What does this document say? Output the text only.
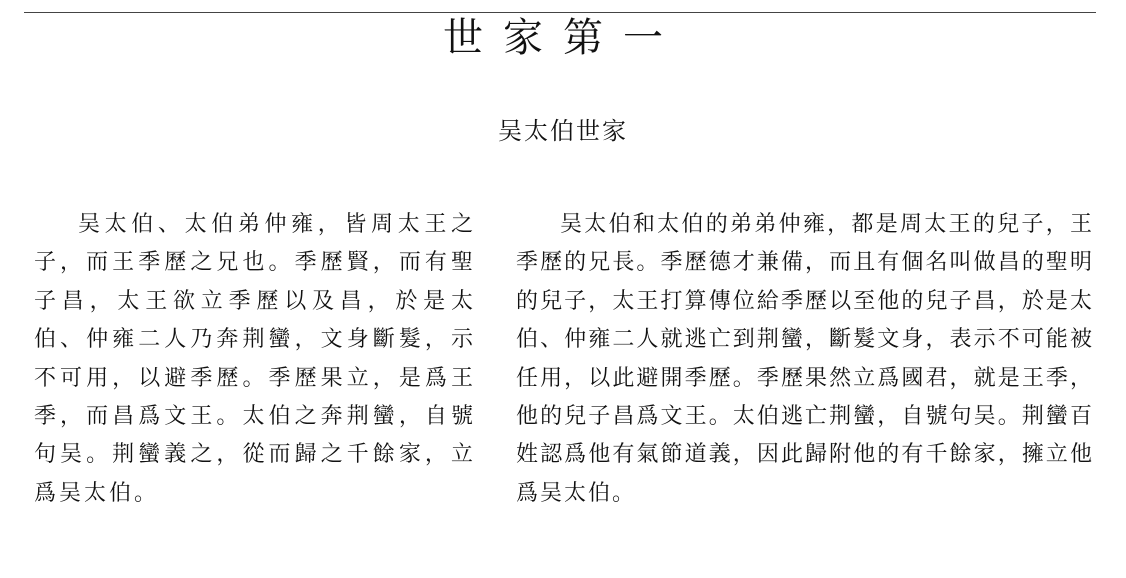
世家第一
吴太伯世家

吴太伯、太伯弟仲雍，皆周太王之子，而王季歷之兄也。季歷賢，而有聖子昌，太王欲立季歷以及昌，於是太伯、仲雍二人乃奔荆蠻，文身斷髮，示不可用，以避季歷。季歷果立，是爲王季，而昌爲文王。太伯之奔荆蠻，自號句吴。荆蠻義之，從而歸之千餘家，立爲吴太伯。

吴太伯和太伯的弟弟仲雍，都是周太王的兒子，王季歷的兄長。季歷德才兼備，而且有個名叫做昌的聖明的兒子，太王打算傳位給季歷以至他的兒子昌，於是太伯、仲雍二人就逃亡到荆蠻，斷髮文身，表示不可能被任用，以此避開季歷。季歷果然立爲國君，就是王季，他的兒子昌爲文王。太伯逃亡荆蠻，自號句吴。荆蠻百姓認爲他有氣節道義，因此歸附他的有千餘家，擁立他爲吴太伯。
